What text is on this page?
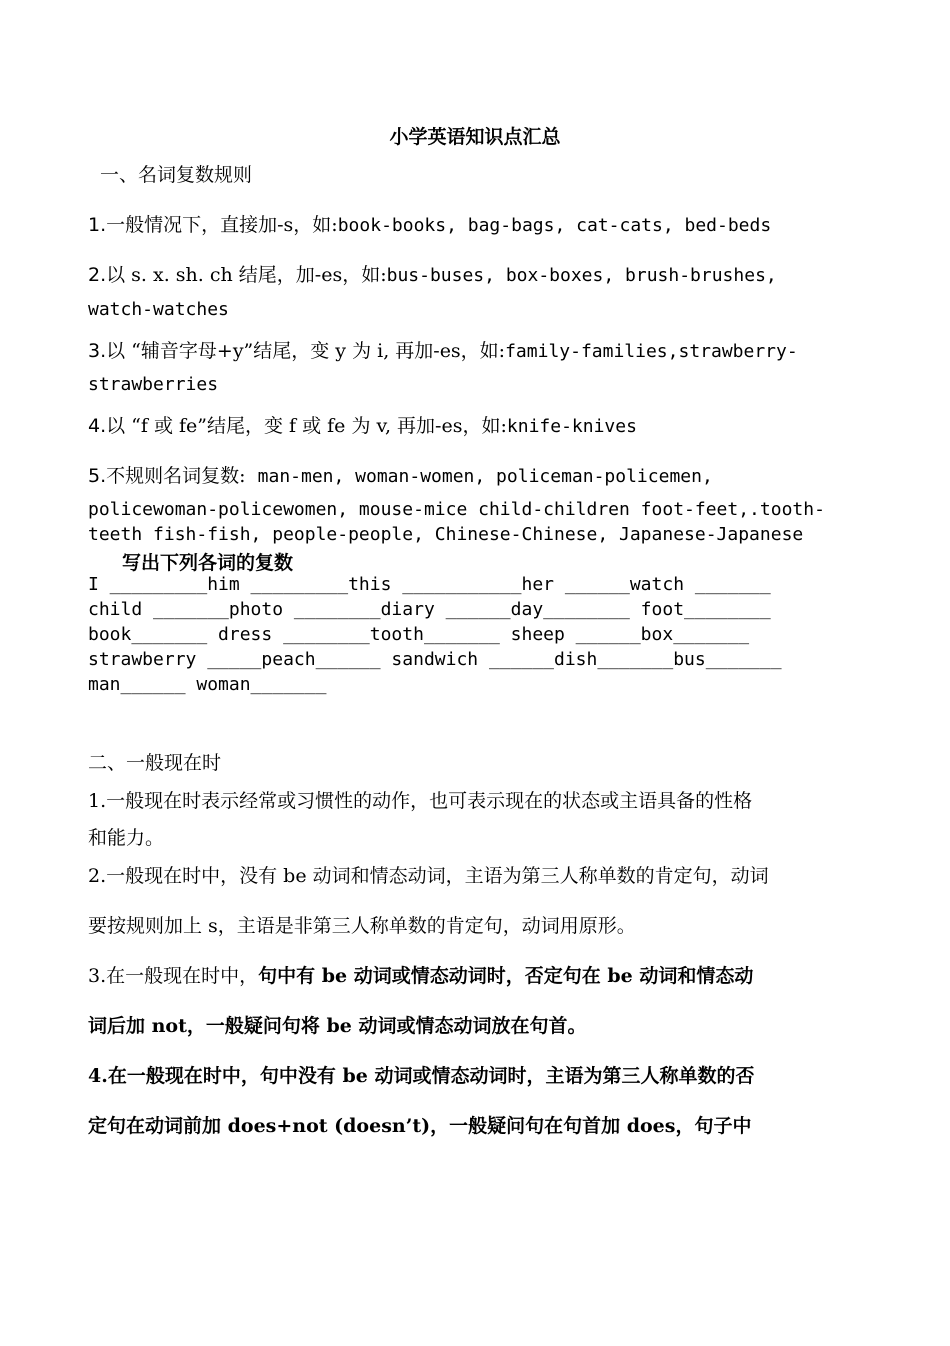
小学英语知识点汇总
一、名词复数规则
1.一般情况下，直接加-s，如:book-books, bag-bags, cat-cats, bed-beds
2.以 s. x. sh. ch 结尾，加-es，如:bus-buses, box-boxes, brush-brushes,
watch-watches
3.以 “辅音字母+y”结尾，变 y 为 i, 再加-es，如:family-families,strawberry-
strawberries
4.以 “f 或 fe”结尾，变 f 或 fe 为 v, 再加-es，如:knife-knives
5.不规则名词复数: man-men, woman-women, policeman-policemen,
policewoman-policewomen, mouse-mice child-children foot-feet,.tooth-
teeth fish-fish, people-people, Chinese-Chinese, Japanese-Japanese
写出下列各词的复数
I _________him _________this ___________her ______watch _______
child _______photo ________diary ______day________ foot________
book_______ dress ________tooth_______ sheep ______box_______
strawberry _____peach______ sandwich ______dish_______bus_______
man______ woman_______
二、一般现在时
1.一般现在时表示经常或习惯性的动作，也可表示现在的状态或主语具备的性格
和能力。
2.一般现在时中，没有 be 动词和情态动词，主语为第三人称单数的肯定句，动词
要按规则加上 s，主语是非第三人称单数的肯定句，动词用原形。
3.在一般现在时中，句中有 be 动词或情态动词时，否定句在 be 动词和情态动
词后加 not，一般疑问句将 be 动词或情态动词放在句首。
4.在一般现在时中，句中没有 be 动词或情态动词时，主语为第三人称单数的否
定句在动词前加 does+not (doesn’t)，一般疑问句在句首加 does，句子中
